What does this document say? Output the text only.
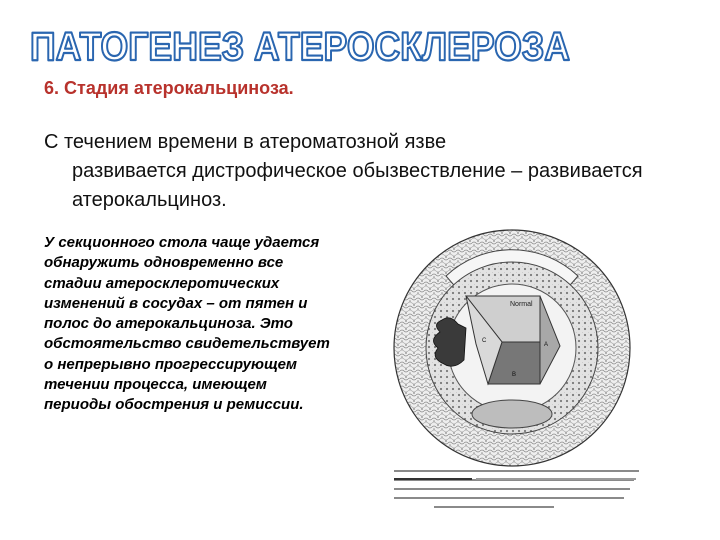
ПАТОГЕНЕЗ АТЕРОСКЛЕРОЗА

6. Стадия атерокальциноза.

С течением времени в атероматозной язве
развивается дистрофическое обызвествление – развивается атерокальциноз.

У секционного стола чаще удается обнаружить одновременно все стадии атеросклеротических изменений в сосудах – от пятен и полос до атерокальциноза. Это обстоятельство свидетельствует о непрерывно прогрессирующем течении процесса, имеющем периоды обострения и ремиссии.

Normal
A
B
C
